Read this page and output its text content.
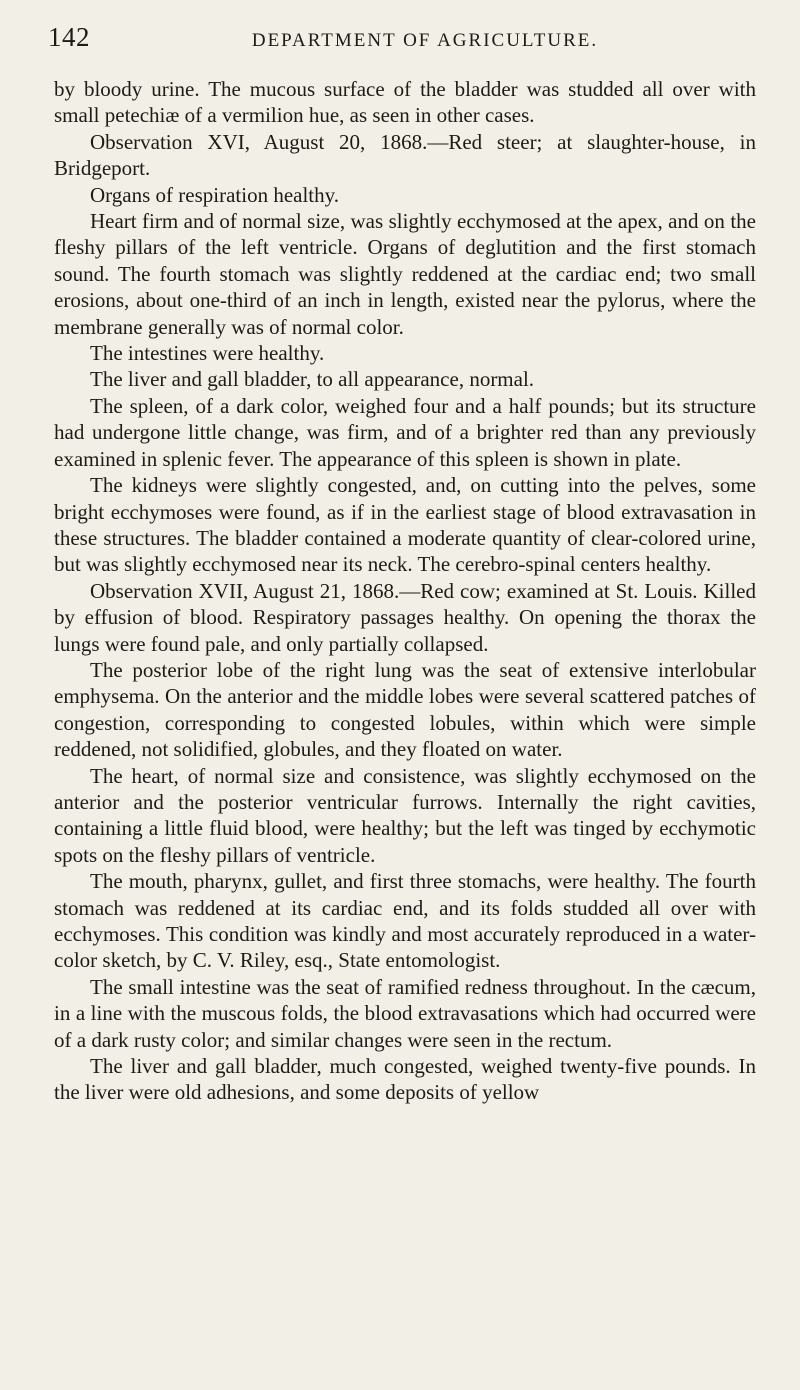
142	DEPARTMENT OF AGRICULTURE.

by bloody urine. The mucous surface of the bladder was studded all over with small petechiæ of a vermilion hue, as seen in other cases.

Observation XVI, August 20, 1868.—Red steer; at slaughter-house, in Bridgeport.

Organs of respiration healthy.

Heart firm and of normal size, was slightly ecchymosed at the apex, and on the fleshy pillars of the left ventricle. Organs of deglutition and the first stomach sound. The fourth stomach was slightly reddened at the cardiac end; two small erosions, about one-third of an inch in length, existed near the pylorus, where the membrane generally was of normal color.

The intestines were healthy.

The liver and gall bladder, to all appearance, normal.

The spleen, of a dark color, weighed four and a half pounds; but its structure had undergone little change, was firm, and of a brighter red than any previously examined in splenic fever. The appearance of this spleen is shown in plate.

The kidneys were slightly congested, and, on cutting into the pelves, some bright ecchymoses were found, as if in the earliest stage of blood extravasation in these structures. The bladder contained a moderate quantity of clear-colored urine, but was slightly ecchymosed near its neck. The cerebro-spinal centers healthy.

Observation XVII, August 21, 1868.—Red cow; examined at St. Louis. Killed by effusion of blood. Respiratory passages healthy. On opening the thorax the lungs were found pale, and only partially collapsed.

The posterior lobe of the right lung was the seat of extensive interlobular emphysema. On the anterior and the middle lobes were several scattered patches of congestion, corresponding to congested lobules, within which were simple reddened, not solidified, globules, and they floated on water.

The heart, of normal size and consistence, was slightly ecchymosed on the anterior and the posterior ventricular furrows. Internally the right cavities, containing a little fluid blood, were healthy; but the left was tinged by ecchymotic spots on the fleshy pillars of ventricle.

The mouth, pharynx, gullet, and first three stomachs, were healthy. The fourth stomach was reddened at its cardiac end, and its folds studded all over with ecchymoses. This condition was kindly and most accurately reproduced in a water-color sketch, by C. V. Riley, esq., State entomologist.

The small intestine was the seat of ramified redness throughout. In the cæcum, in a line with the muscous folds, the blood extravasations which had occurred were of a dark rusty color; and similar changes were seen in the rectum.

The liver and gall bladder, much congested, weighed twenty-five pounds. In the liver were old adhesions, and some deposits of yellow
